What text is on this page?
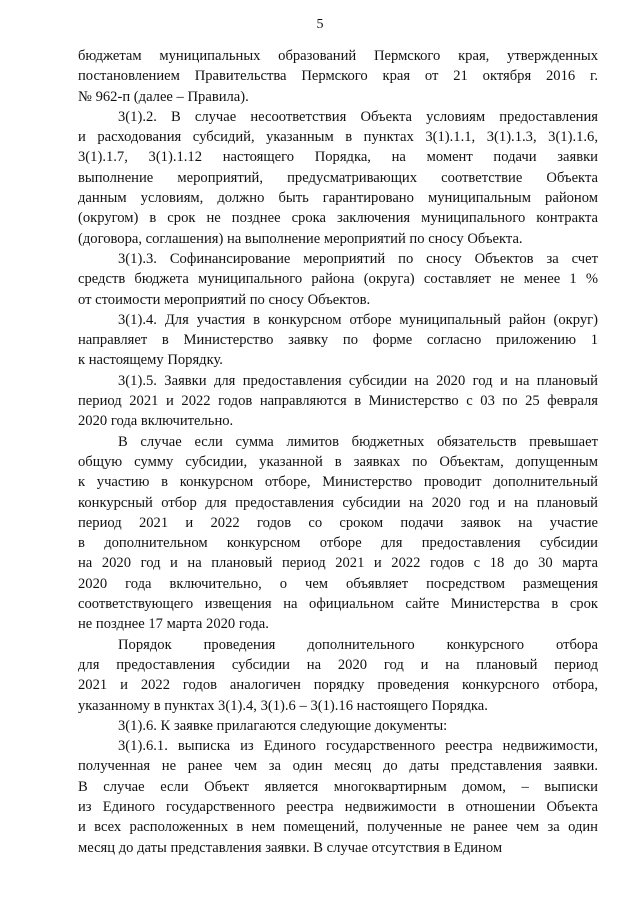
5

бюджетам муниципальных образований Пермского края, утвержденных
постановлением Правительства Пермского края от 21 октября 2016 г.
№ 962-п (далее – Правила).

3(1).2. В случае несоответствия Объекта условиям предоставления
и расходования субсидий, указанным в пунктах 3(1).1.1, 3(1).1.3, 3(1).1.6,
3(1).1.7, 3(1).1.12 настоящего Порядка, на момент подачи заявки
выполнение мероприятий, предусматривающих соответствие Объекта
данным условиям, должно быть гарантировано муниципальным районом
(округом) в срок не позднее срока заключения муниципального контракта
(договора, соглашения) на выполнение мероприятий по сносу Объекта.

3(1).3. Софинансирование мероприятий по сносу Объектов за счет
средств бюджета муниципального района (округа) составляет не менее 1 %
от стоимости мероприятий по сносу Объектов.

3(1).4. Для участия в конкурсном отборе муниципальный район (округ)
направляет в Министерство заявку по форме согласно приложению 1
к настоящему Порядку.

3(1).5. Заявки для предоставления субсидии на 2020 год и на плановый
период 2021 и 2022 годов направляются в Министерство с 03 по 25 февраля
2020 года включительно.

В случае если сумма лимитов бюджетных обязательств превышает
общую сумму субсидии, указанной в заявках по Объектам, допущенным
к участию в конкурсном отборе, Министерство проводит дополнительный
конкурсный отбор для предоставления субсидии на 2020 год и на плановый
период 2021 и 2022 годов со сроком подачи заявок на участие
в дополнительном конкурсном отборе для предоставления субсидии
на 2020 год и на плановый период 2021 и 2022 годов с 18 до 30 марта
2020 года включительно, о чем объявляет посредством размещения
соответствующего извещения на официальном сайте Министерства в срок
не позднее 17 марта 2020 года.

Порядок проведения дополнительного конкурсного отбора
для предоставления субсидии на 2020 год и на плановый период
2021 и 2022 годов аналогичен порядку проведения конкурсного отбора,
указанному в пунктах 3(1).4, 3(1).6 – 3(1).16 настоящего Порядка.

3(1).6. К заявке прилагаются следующие документы:

3(1).6.1. выписка из Единого государственного реестра недвижимости,
полученная не ранее чем за один месяц до даты представления заявки.
В случае если Объект является многоквартирным домом, – выписки
из Единого государственного реестра недвижимости в отношении Объекта
и всех расположенных в нем помещений, полученные не ранее чем за один
месяц до даты представления заявки. В случае отсутствия в Едином
